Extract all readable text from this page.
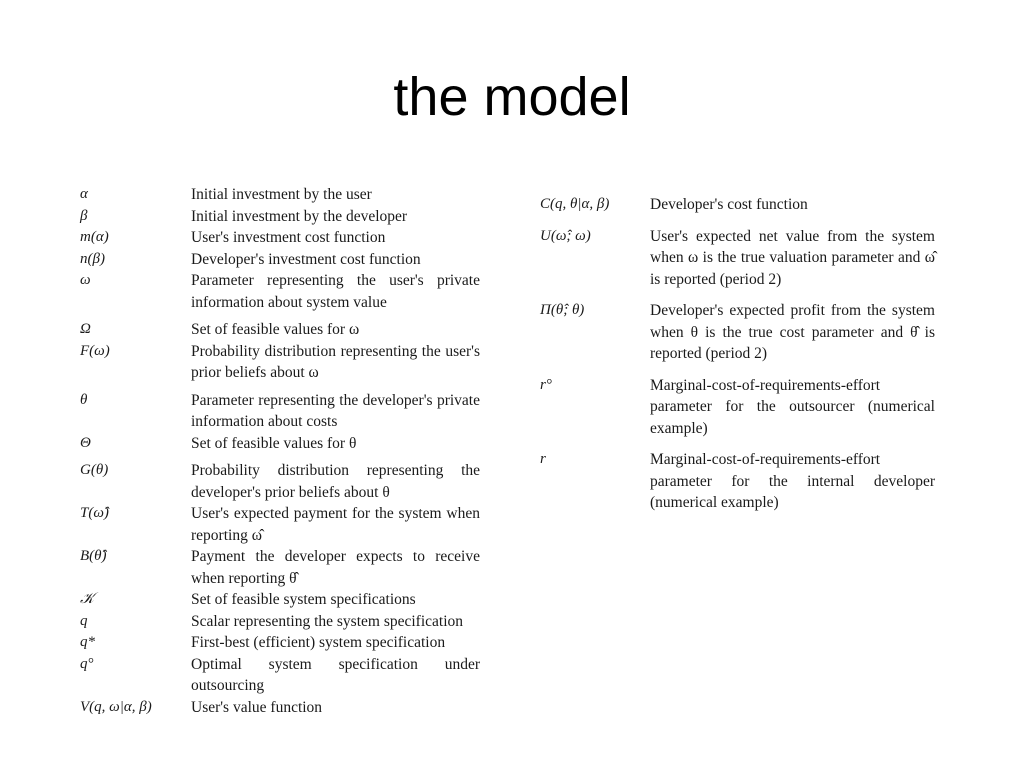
the model
α	Initial investment by the user
β	Initial investment by the developer
m(α)	User's investment cost function
n(β)	Developer's investment cost function
ω	Parameter representing the user's private information about system value
Ω	Set of feasible values for ω
F(ω)	Probability distribution representing the user's prior beliefs about ω
θ	Parameter representing the developer's private information about costs
Θ	Set of feasible values for θ
G(θ)	Probability distribution representing the developer's prior beliefs about θ
T(ω̂)	User's expected payment for the system when reporting ω̂
B(θ̂)	Payment the developer expects to receive when reporting θ̂
𝒦	Set of feasible system specifications
q	Scalar representing the system specification
q*	First-best (efficient) system specification
q°	Optimal system specification under outsourcing
V(q, ω|α, β)	User's value function
C(q, θ|α, β)	Developer's cost function
U(ω̂; ω)	User's expected net value from the system when ω is the true valuation parameter and ω̂ is reported (period 2)
Π(θ̂; θ)	Developer's expected profit from the system when θ is the true cost parameter and θ̂ is reported (period 2)
r°	Marginal-cost-of-requirements-effort parameter for the outsourcer (numerical example)
r	Marginal-cost-of-requirements-effort parameter for the internal developer (numerical example)
